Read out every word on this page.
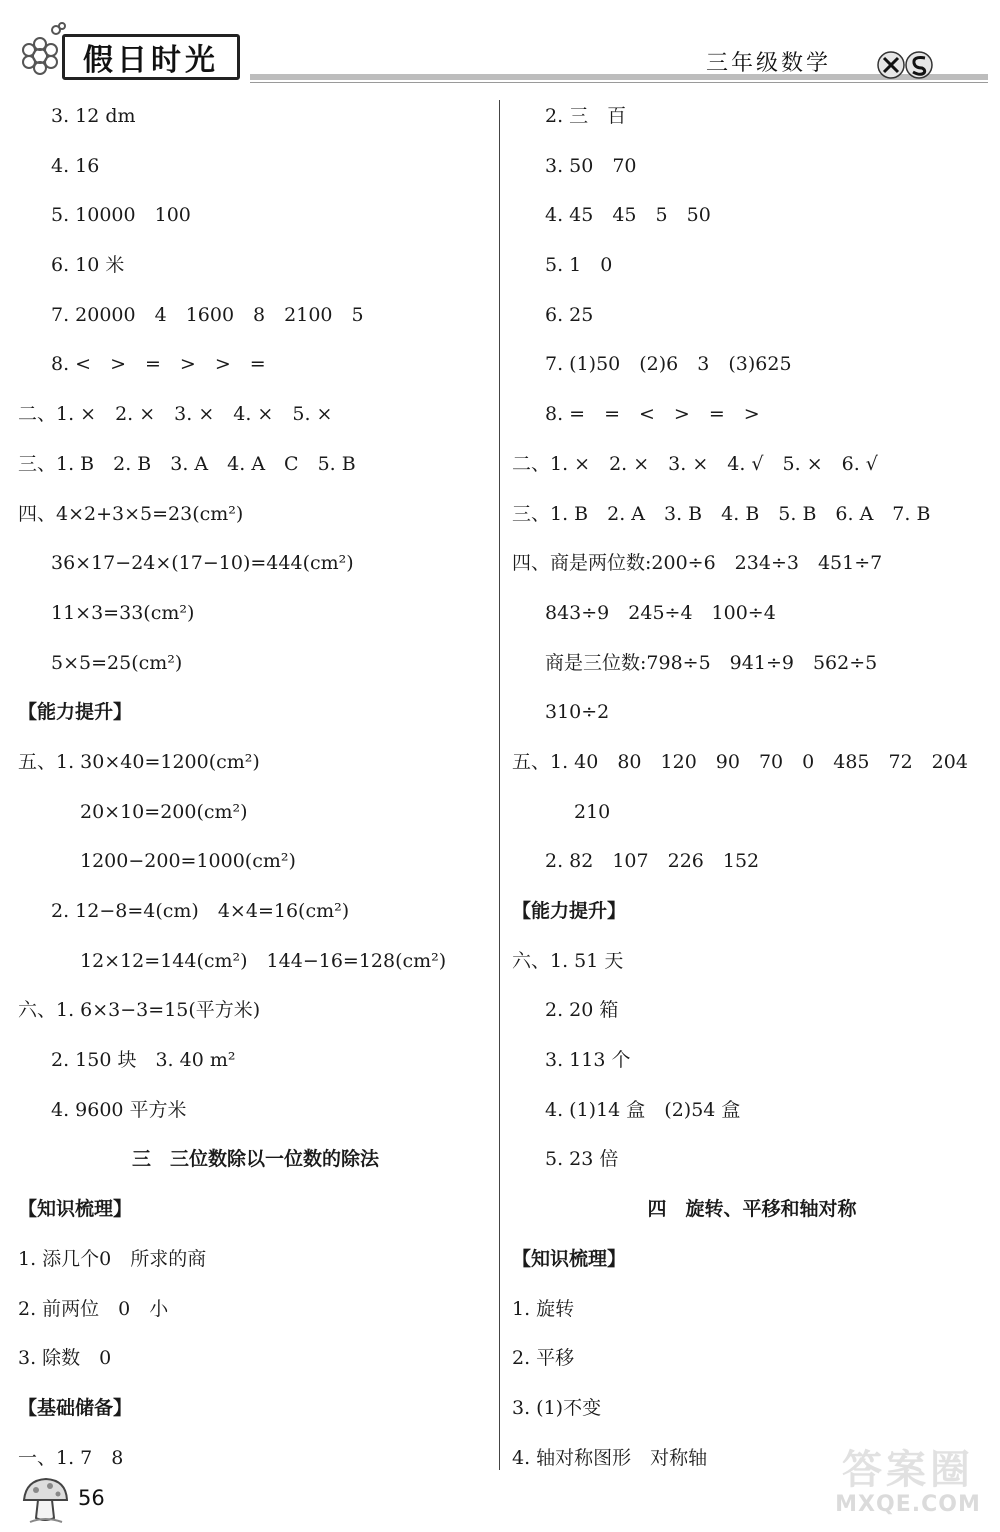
假日时光	三年级数学
3. 12 dm
4. 16
5. 10000　100
6. 10 米
7. 20000　4　1600　8　2100　5
8. <　>　=　>　>　=
二、1. ×　2. ×　3. ×　4. ×　5. ×
三、1. B　2. B　3. A　4. A　C　5. B
四、4×2+3×5=23(cm²)
36×17−24×(17−10)=444(cm²)
11×3=33(cm²)
5×5=25(cm²)
【能力提升】
五、1. 30×40=1200(cm²)
20×10=200(cm²)
1200−200=1000(cm²)
2. 12−8=4(cm)　4×4=16(cm²)
12×12=144(cm²)　144−16=128(cm²)
六、1. 6×3−3=15(平方米)
2. 150 块　3. 40 m²
4. 9600 平方米
三　三位数除以一位数的除法
【知识梳理】
1. 添几个0　所求的商
2. 前两位　0　小
3. 除数　0
【基础储备】
一、1. 7　8
2. 三　百
3. 50　70
4. 45　45　5　50
5. 1　0
6. 25
7. (1)50　(2)6　3　(3)625
8. =　=　<　>　=　>
二、1. ×　2. ×　3. ×　4. √　5. ×　6. √
三、1. B　2. A　3. B　4. B　5. B　6. A　7. B
四、商是两位数:200÷6　234÷3　451÷7
843÷9　245÷4　100÷4
商是三位数:798÷5　941÷9　562÷5
310÷2
五、1. 40　80　120　90　70　0　485　72　204
210
2. 82　107　226　152
【能力提升】
六、1. 51 天
2. 20 箱
3. 113 个
4. (1)14 盒　(2)54 盒
5. 23 倍
四　旋转、平移和轴对称
【知识梳理】
1. 旋转
2. 平移
3. (1)不变
4. 轴对称图形　对称轴
56
答案圈
MXQE.COM
